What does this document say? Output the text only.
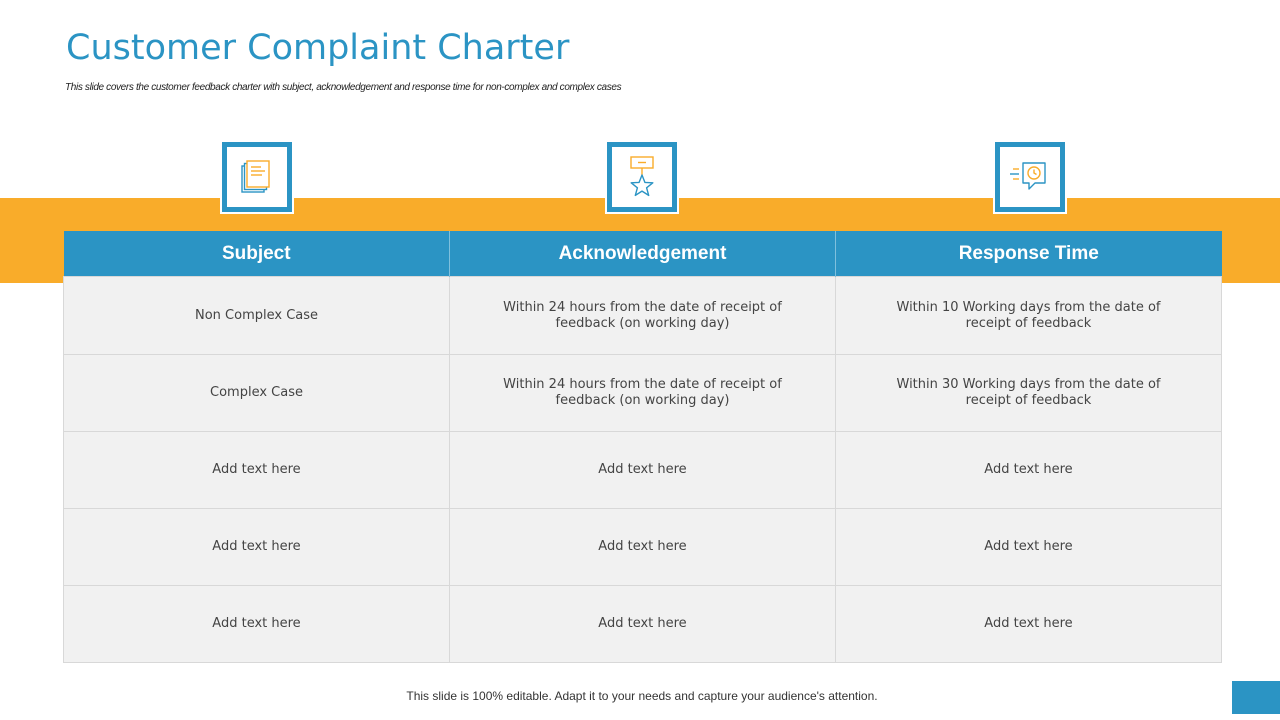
Customer Complaint Charter
This slide covers the customer feedback charter with subject, acknowledgement and response time for non-complex and complex cases
Subject	Acknowledgement	Response Time
Non Complex Case	Within 24 hours from the date of receipt of feedback (on working day)	Within 10 Working days from the date of receipt of feedback
Complex Case	Within 24 hours from the date of receipt of feedback (on working day)	Within 30 Working days from the date of receipt of feedback
Add text here	Add text here	Add text here
Add text here	Add text here	Add text here
Add text here	Add text here	Add text here
This slide is 100% editable. Adapt it to your needs and capture your audience's attention.
